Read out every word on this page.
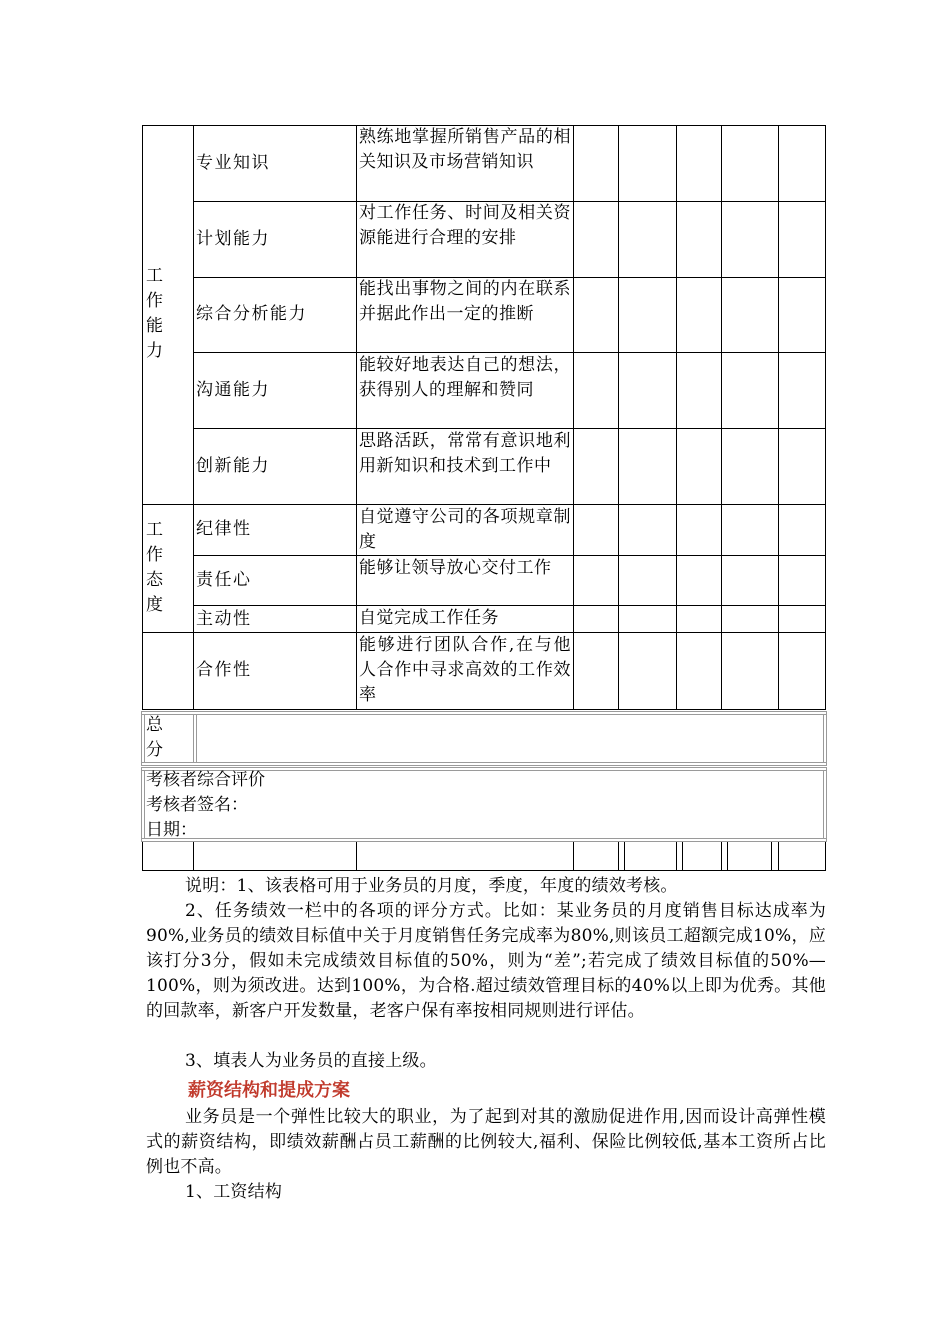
工
作
能
力
工
作
态
度
专业知识
计划能力
综合分析能力
沟通能力
创新能力
纪律性
责任心
主动性
合作性
熟练地掌握所销售产品的相关知识及市场营销知识
对工作任务、时间及相关资源能进行合理的安排
能找出事物之间的内在联系并据此作出一定的推断
能较好地表达自己的想法，获得别人的理解和赞同
思路活跃，常常有意识地利用新知识和技术到工作中
自觉遵守公司的各项规章制度
能够让领导放心交付工作
自觉完成工作任务
能够进行团队合作,在与他人合作中寻求高效的工作效率
总
分
考核者综合评价
考核者签名：
日期：
说明：1、该表格可用于业务员的月度，季度，年度的绩效考核。
2、任务绩效一栏中的各项的评分方式。比如：某业务员的月度销售目标达成率为90%,业务员的绩效目标值中关于月度销售任务完成率为80%,则该员工超额完成10%，应该打分3分，假如未完成绩效目标值的50%，则为“差”;若完成了绩效目标值的50%—100%，则为须改进。达到100%，为合格.超过绩效管理目标的40%以上即为优秀。其他的回款率，新客户开发数量，老客户保有率按相同规则进行评估。
3、填表人为业务员的直接上级。
薪资结构和提成方案
业务员是一个弹性比较大的职业，为了起到对其的激励促进作用,因而设计高弹性模式的薪资结构，即绩效薪酬占员工薪酬的比例较大,福利、保险比例较低,基本工资所占比例也不高。
1、工资结构
